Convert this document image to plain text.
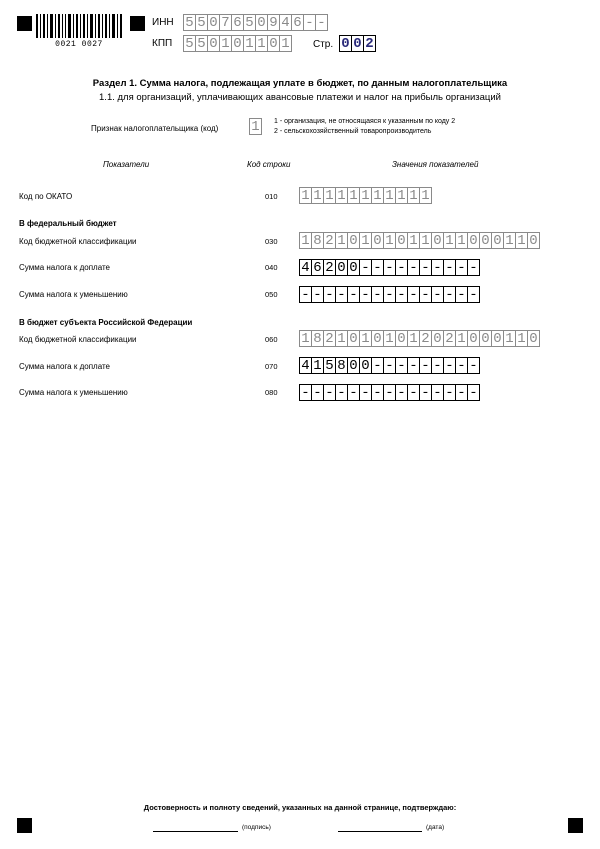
0021 0027
ИНН 5 5 0 7 6 5 0 9 4 6 - -
КПП 5 5 0 1 0 1 1 0 1 Стр. 0 0 2
Раздел 1. Сумма налога, подлежащая уплате в бюджет, по данным налогоплательщика
1.1. для организаций, уплачивающих авансовые платежи и налог на прибыль организаций
Признак налогоплательщика (код) 1	1 - организация, не относящаяся к указанным по коду 2
2 - сельскохозяйственный товаропроизводитель
Показатели	Код строки	Значения показателей
Код по ОКАТО	010 1 1 1 1 1 1 1 1 1 1 1
В федеральный бюджет
Код бюджетной классификации	030 1 8 2 1 0 1 0 1 0 1 1 0 1 1 0 0 0 1 1 0
Сумма налога к доплате	040 4 6 2 0 0 - - - - - - - - - -
Сумма налога к уменьшению	050 - - - - - - - - - - - - - - -
В бюджет субъекта Российской Федерации
Код бюджетной классификации	060 1 8 2 1 0 1 0 1 0 1 2 0 2 1 0 0 0 1 1 0
Сумма налога к доплате	070 4 1 5 8 0 0 - - - - - - - - -
Сумма налога к уменьшению	080 - - - - - - - - - - - - - - -
Достоверность и полноту сведений, указанных на данной странице, подтверждаю:
(подпись)	(дата)
